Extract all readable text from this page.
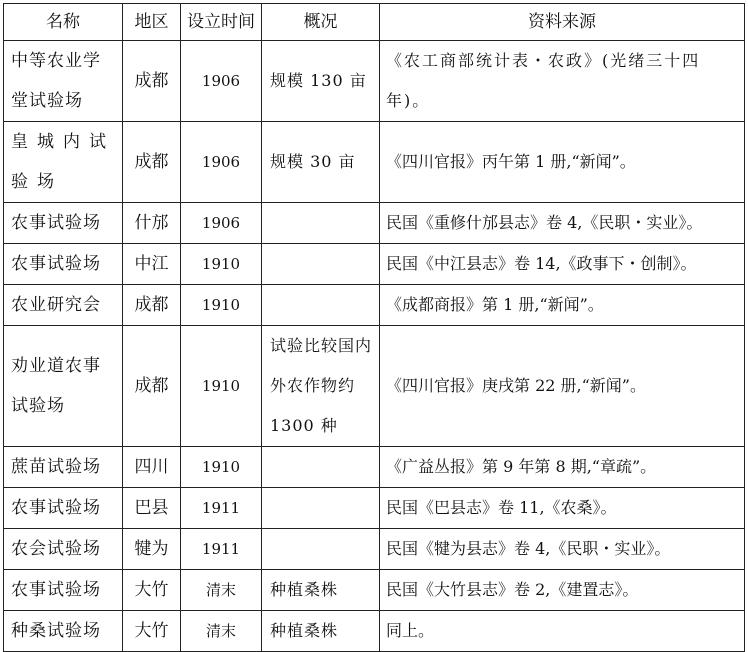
名称	地区	设立时间	概况	资料来源
中等农业学堂试验场	成都	1906	规模 130 亩	《农工商部统计表・农政》(光绪三十四年)。
皇城内试验场	成都	1906	规模 30 亩	《四川官报》丙午第 1 册,“新闻”。
农事试验场	什邡	1906		民国《重修什邡县志》卷 4,《民职・实业》。
农事试验场	中江	1910		民国《中江县志》卷 14,《政事下・创制》。
农业研究会	成都	1910		《成都商报》第 1 册,“新闻”。
劝业道农事试验场	成都	1910	试验比较国内外农作物约 1300 种	《四川官报》庚戌第 22 册,“新闻”。
蔗苗试验场	四川	1910		《广益丛报》第 9 年第 8 期,“章疏”。
农事试验场	巴县	1911		民国《巴县志》卷 11,《农桑》。
农会试验场	犍为	1911		民国《犍为县志》卷 4,《民职・实业》。
农事试验场	大竹	清末	种植桑株	民国《大竹县志》卷 2,《建置志》。
种桑试验场	大竹	清末	种植桑株	同上。
